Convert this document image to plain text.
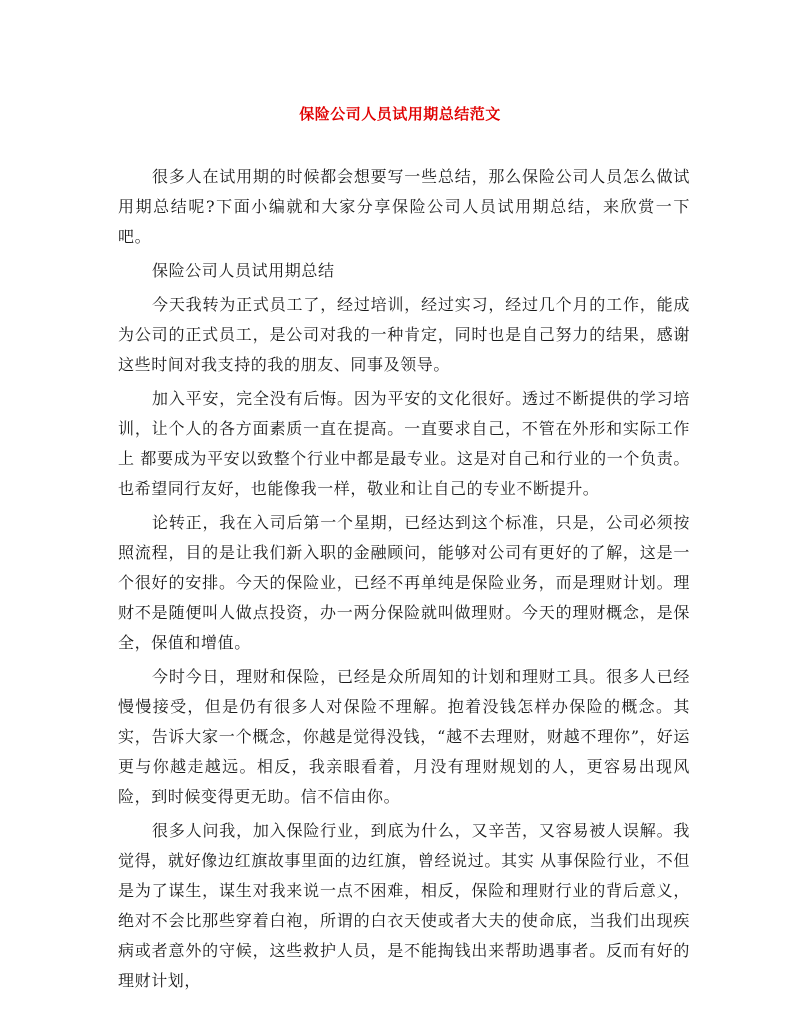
保险公司人员试用期总结范文

很多人在试用期的时候都会想要写一些总结，那么保险公司人员怎么做试用期总结呢?下面小编就和大家分享保险公司人员试用期总结，来欣赏一下吧。

保险公司人员试用期总结

今天我转为正式员工了，经过培训，经过实习，经过几个月的工作，能成为公司的正式员工，是公司对我的一种肯定，同时也是自己努力的结果，感谢这些时间对我支持的我的朋友、同事及领导。

加入平安，完全没有后悔。因为平安的文化很好。透过不断提供的学习培训，让个人的各方面素质一直在提高。一直要求自己，不管在外形和实际工作上 都要成为平安以致整个行业中都是最专业。这是对自己和行业的一个负责。也希望同行友好，也能像我一样，敬业和让自己的专业不断提升。

论转正，我在入司后第一个星期，已经达到这个标准，只是，公司必须按照流程，目的是让我们新入职的金融顾问，能够对公司有更好的了解，这是一个很好的安排。今天的保险业，已经不再单纯是保险业务，而是理财计划。理财不是随便叫人做点投资，办一两分保险就叫做理财。今天的理财概念，是保全，保值和增值。

今时今日，理财和保险，已经是众所周知的计划和理财工具。很多人已经慢慢接受，但是仍有很多人对保险不理解。抱着没钱怎样办保险的概念。其实，告诉大家一个概念，你越是觉得没钱，“越不去理财，财越不理你”，好运更与你越走越远。相反，我亲眼看着，月没有理财规划的人，更容易出现风险，到时候变得更无助。信不信由你。

很多人问我，加入保险行业，到底为什么，又辛苦，又容易被人误解。我觉得，就好像边红旗故事里面的边红旗，曾经说过。其实 从事保险行业，不但是为了谋生，谋生对我来说一点不困难，相反，保险和理财行业的背后意义，绝对不会比那些穿着白袍，所谓的白衣天使或者大夫的使命底，当我们出现疾病或者意外的守候，这些救护人员，是不能掏钱出来帮助遇事者。反而有好的理财计划，
